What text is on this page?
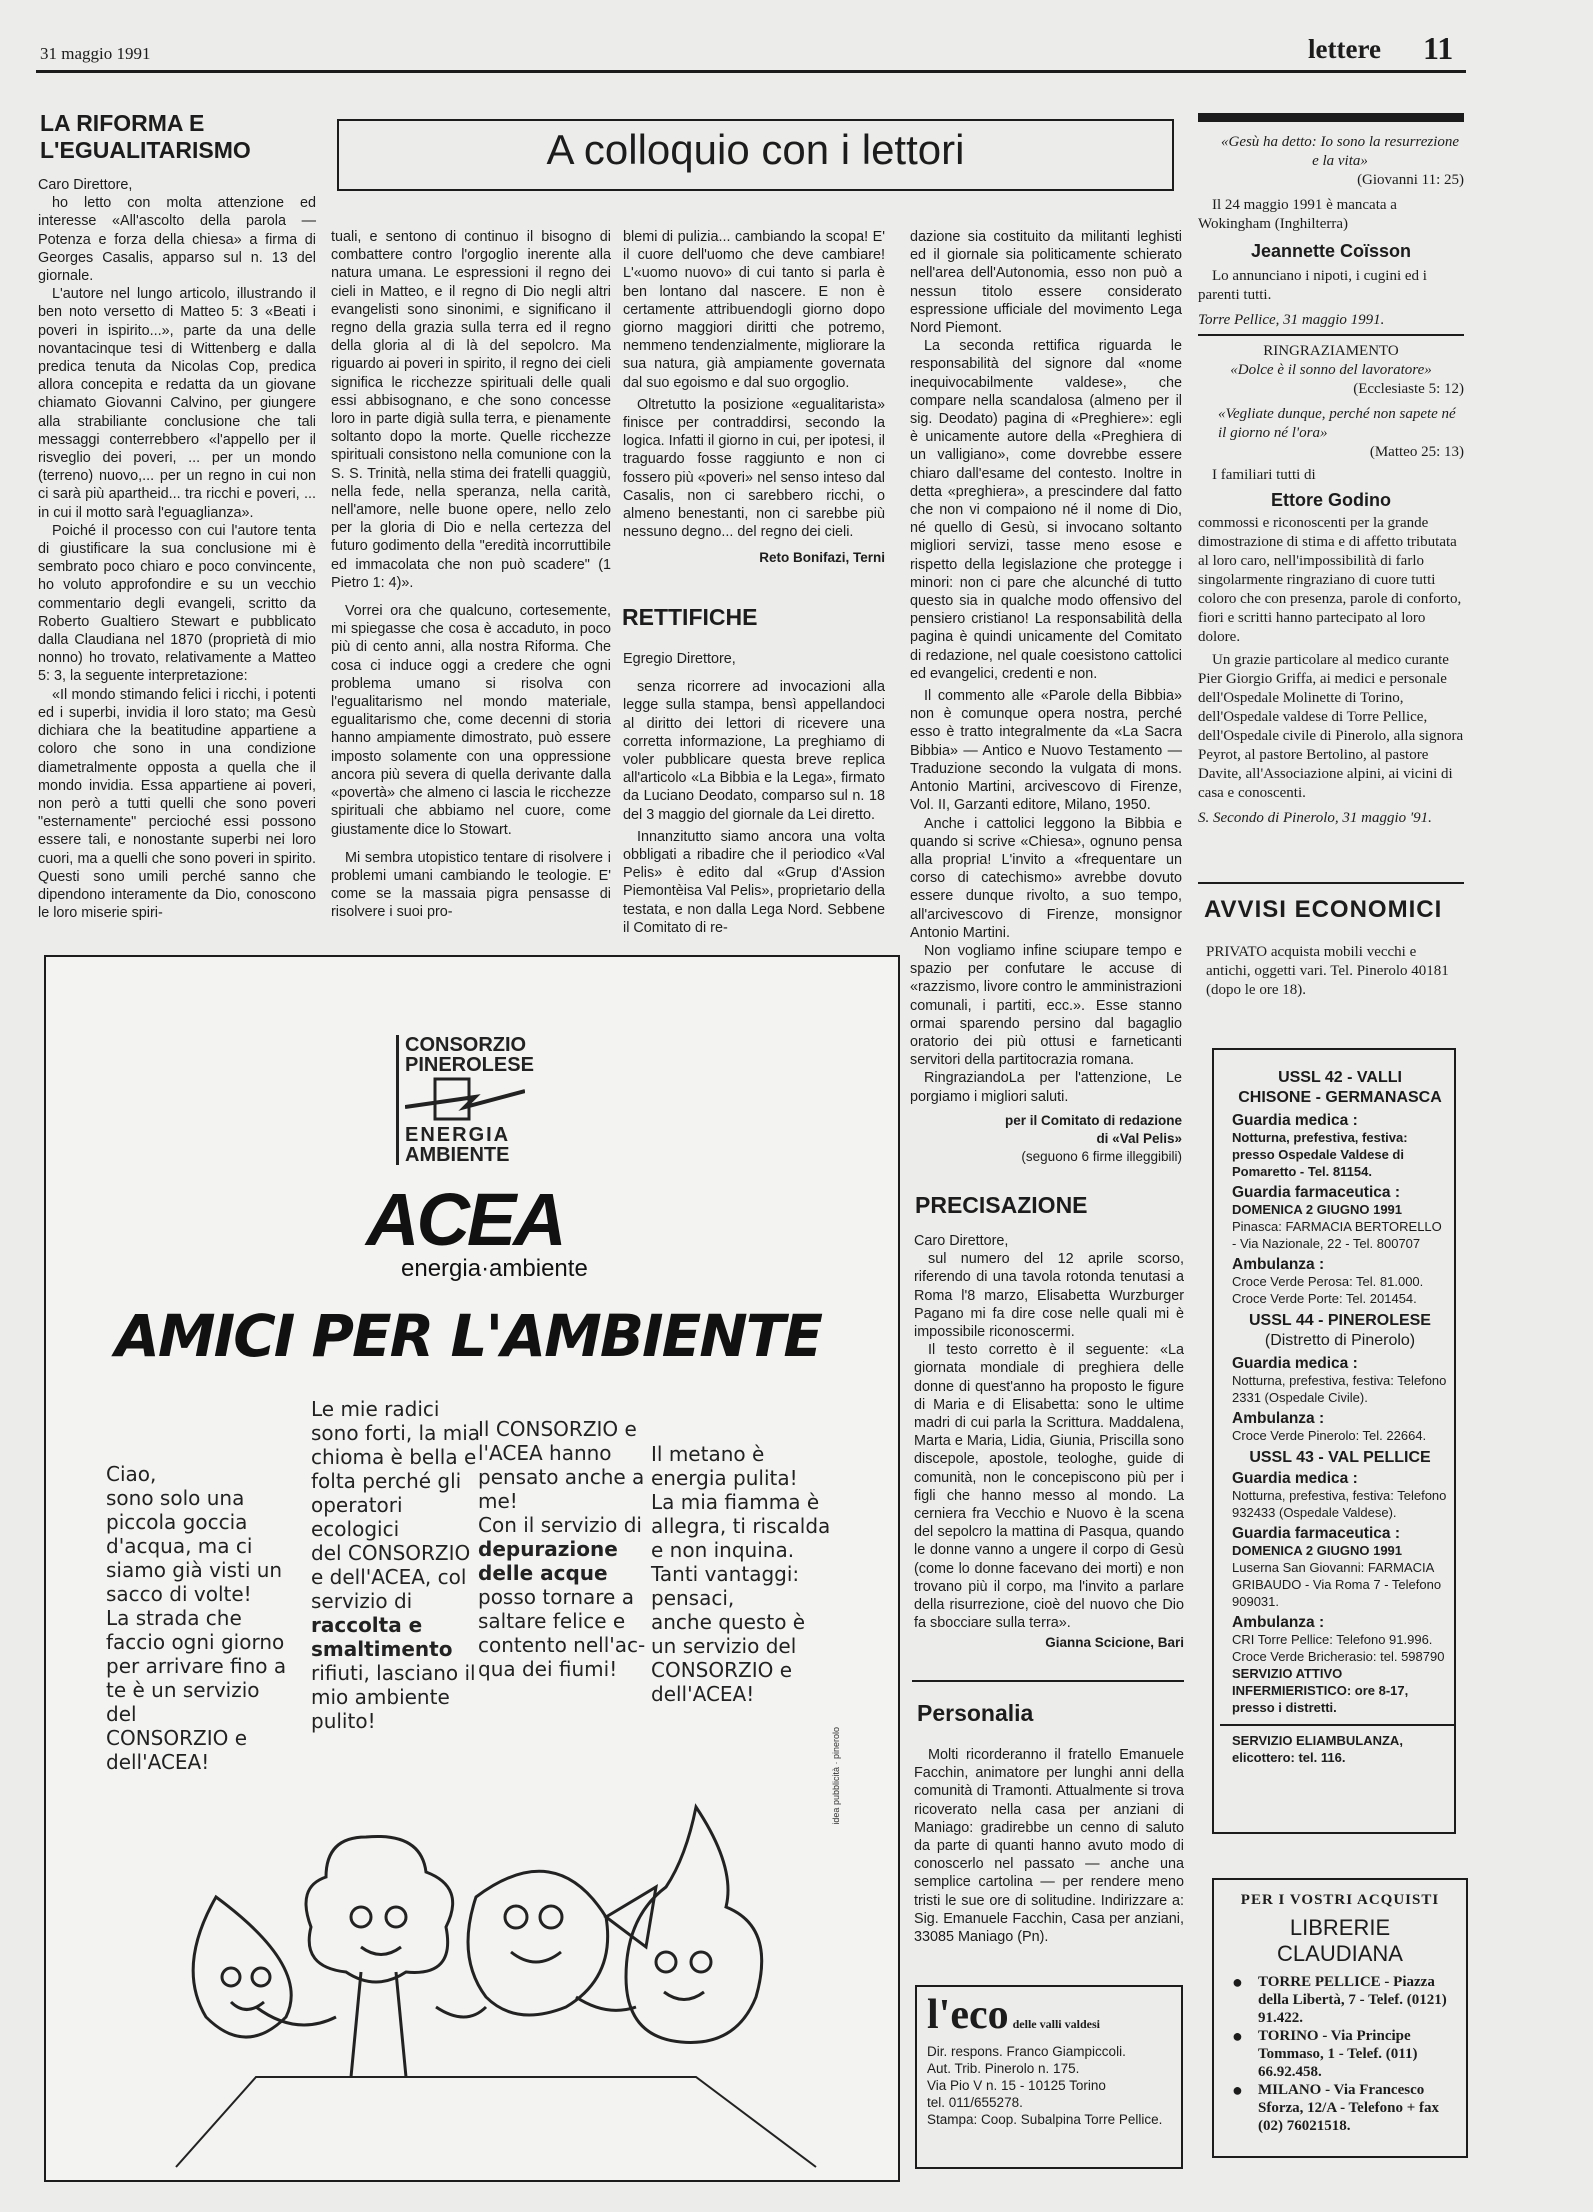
31 maggio 1991	lettere 11
A colloquio con i lettori
LA RIFORMA E
L'EGUALITARISMO

Caro Direttore,

ho letto con molta attenzione ed interesse «All'ascolto della parola — Potenza e forza della chiesa» a firma di Georges Casalis, apparso sul n. 13 del giornale.

L'autore nel lungo articolo, illustrando il ben noto versetto di Matteo 5: 3 «Beati i poveri in ispirito...», parte da una delle novantacinque tesi di Wittenberg e dalla predica tenuta da Nicolas Cop, predica allora concepita e redatta da un giovane chiamato Giovanni Calvino, per giungere alla strabiliante conclusione che tali messaggi conterrebbero «l'appello per il risveglio dei poveri, ... per un mondo (terreno) nuovo,... per un regno in cui non ci sarà più apartheid... tra ricchi e poveri, ... in cui il motto sarà l'eguaglianza».

Poiché il processo con cui l'autore tenta di giustificare la sua conclusione mi è sembrato poco chiaro e poco convincente, ho voluto approfondire e su un vecchio commentario degli evangeli, scritto da Roberto Gualtiero Stewart e pubblicato dalla Claudiana nel 1870 (proprietà di mio nonno) ho trovato, relativamente a Matteo 5: 3, la seguente interpretazione:

«Il mondo stimando felici i ricchi, i potenti ed i superbi, invidia il loro stato; ma Gesù dichiara che la beatitudine appartiene a coloro che sono in una condizione diametralmente opposta a quella che il mondo invidia. Essa appartiene ai poveri, non però a tutti quelli che sono poveri "esternamente" percioché essi possono essere tali, e nonostante superbi nei loro cuori, ma a quelli che sono poveri in spirito. Questi sono umili perché sanno che dipendono interamente da Dio, conoscono le loro miserie spiri-

tuali, e sentono di continuo il bisogno di combattere contro l'orgoglio inerente alla natura umana. Le espressioni il regno dei cieli in Matteo, e il regno di Dio negli altri evangelisti sono sinonimi, e significano il regno della grazia sulla terra ed il regno della gloria al di là del sepolcro. Ma riguardo ai poveri in spirito, il regno dei cieli significa le ricchezze spirituali delle quali essi abbisognano, e che sono concesse loro in parte digià sulla terra, e pienamente soltanto dopo la morte. Quelle ricchezze spirituali consistono nella comunione con la S. S. Trinità, nella stima dei fratelli quaggiù, nella fede, nella speranza, nella carità, nell'amore, nelle buone opere, nello zelo per la gloria di Dio e nella certezza del futuro godimento della "eredità incorruttibile ed immacolata che non può scadere" (1 Pietro 1: 4)».

Vorrei ora che qualcuno, cortesemente, mi spiegasse che cosa è accaduto, in poco più di cento anni, alla nostra Riforma. Che cosa ci induce oggi a credere che ogni problema umano si risolva con l'egualitarismo nel mondo materiale, egualitarismo che, come decenni di storia hanno ampiamente dimostrato, può essere imposto solamente con una oppressione ancora più severa di quella derivante dalla «povertà» che almeno ci lascia le ricchezze spirituali che abbiamo nel cuore, come giustamente dice lo Stowart.

Mi sembra utopistico tentare di risolvere i problemi umani cambiando le teologie. E' come se la massaia pigra pensasse di risolvere i suoi pro-

blemi di pulizia... cambiando la scopa! E' il cuore dell'uomo che deve cambiare! L'«uomo nuovo» di cui tanto si parla è ben lontano dal nascere. E non è certamente attribuendogli giorno dopo giorno maggiori diritti che potremo, nemmeno tendenzialmente, migliorare la sua natura, già ampiamente governata dal suo egoismo e dal suo orgoglio.

Oltretutto la posizione «egualitarista» finisce per contraddirsi, secondo la logica. Infatti il giorno in cui, per ipotesi, il traguardo fosse raggiunto e non ci fossero più «poveri» nel senso inteso dal Casalis, non ci sarebbero ricchi, o almeno benestanti, non ci sarebbe più nessuno degno... del regno dei cieli.

Reto Bonifazi, Terni
RETTIFICHE

Egregio Direttore,

senza ricorrere ad invocazioni alla legge sulla stampa, bensì appellandoci al diritto dei lettori di ricevere una corretta informazione, La preghiamo di voler pubblicare questa breve replica all'articolo «La Bibbia e la Lega», firmato da Luciano Deodato, comparso sul n. 18 del 3 maggio del giornale da Lei diretto.

Innanzitutto siamo ancora una volta obbligati a ribadire che il periodico «Val Pelis» è edito dal «Grup d'Assion Piemontèisa Val Pelis», proprietario della testata, e non dalla Lega Nord. Sebbene il Comitato di re-

dazione sia costituito da militanti leghisti ed il giornale sia politicamente schierato nell'area dell'Autonomia, esso non può a nessun titolo essere considerato espressione ufficiale del movimento Lega Nord Piemont.

La seconda rettifica riguarda le responsabilità del signore dal «nome inequivocabilmente valdese», che compare nella scandalosa (almeno per il sig. Deodato) pagina di «Preghiere»: egli è unicamente autore della «Preghiera di un valligiano», come dovrebbe essere chiaro dall'esame del contesto. Inoltre in detta «preghiera», a prescindere dal fatto che non vi compaiono né il nome di Dio, né quello di Gesù, si invocano soltanto migliori servizi, tasse meno esose e rispetto della legislazione che protegge i minori: non ci pare che alcunché di tutto questo sia in qualche modo offensivo del pensiero cristiano! La responsabilità della pagina è quindi unicamente del Comitato di redazione, nel quale coesistono cattolici ed evangelici, credenti e non.

Il commento alle «Parole della Bibbia» non è comunque opera nostra, perché esso è tratto integralmente da «La Sacra Bibbia» — Antico e Nuovo Testamento — Traduzione secondo la vulgata di mons. Antonio Martini, arcivescovo di Firenze, Vol. II, Garzanti editore, Milano, 1950.

Anche i cattolici leggono la Bibbia e quando si scrive «Chiesa», ognuno pensa alla propria! L'invito a «frequentare un corso di catechismo» avrebbe dovuto essere dunque rivolto, a suo tempo, all'arcivescovo di Firenze, monsignor Antonio Martini.

Non vogliamo infine sciupare tempo e spazio per confutare le accuse di «razzismo, livore contro le amministrazioni comunali, i partiti, ecc.». Esse stanno ormai sparendo persino dal bagaglio oratorio dei più ottusi e farneticanti servitori della partitocrazia romana.

RingraziandoLa per l'attenzione, Le porgiamo i migliori saluti.

per il Comitato di redazione
di «Val Pelis»
(seguono 6 firme illeggibili)
PRECISAZIONE

Caro Direttore,

sul numero del 12 aprile scorso, riferendo di una tavola rotonda tenutasi a Roma l'8 marzo, Elisabetta Wurzburger Pagano mi fa dire cose nelle quali mi è impossibile riconoscermi.

Il testo corretto è il seguente: «La giornata mondiale di preghiera delle donne di quest'anno ha proposto le figure di Maria e di Elisabetta: sono le ultime madri di cui parla la Scrittura. Maddalena, Marta e Maria, Lidia, Giunia, Priscilla sono discepole, apostole, teologhe, guide di comunità, non le concepiscono più per i figli che hanno messo al mondo. La cerniera fra Vecchio e Nuovo è la scena del sepolcro la mattina di Pasqua, quando le donne vanno a ungere il corpo di Gesù (come lo donne facevano dei morti) e non trovano più il corpo, ma l'invito a parlare della risurrezione, cioè del nuovo che Dio fa sbocciare sulla terra».

Gianna Scicione, Bari
Personalia

Molti ricorderanno il fratello Emanuele Facchin, animatore per lunghi anni della comunità di Tramonti. Attualmente si trova ricoverato nella casa per anziani di Maniago: gradirebbe un cenno di saluto da parte di quanti hanno avuto modo di conoscerlo nel passato — anche una semplice cartolina — per rendere meno tristi le sue ore di solitudine. Indirizzare a: Sig. Emanuele Facchin, Casa per anziani, 33085 Maniago (Pn).

l'eco delle valli valdesi
Dir. respons. Franco Giampiccoli.
Aut. Trib. Pinerolo n. 175.
Via Pio V n. 15 - 10125 Torino
tel. 011/655278.
Stampa: Coop. Subalpina Torre Pellice.
CONSORZIO
PINEROLESE
ENERGIA
AMBIENTE
ACEA
energia·ambiente
AMICI PER L'AMBIENTE

Ciao,

sono solo una

piccola goccia

d'acqua, ma ci

siamo già visti un

sacco di volte!

La strada che

faccio ogni giorno

per arrivare fino a

te è un servizio del

CONSORZIO e

dell'ACEA!

Le mie radici

sono forti, la mia

chioma è bella e

folta perché gli

operatori ecologici

del CONSORZIO

e dell'ACEA, col

servizio di

raccolta e

smaltimento

rifiuti, lasciano il

mio ambiente

pulito!

Il CONSORZIO e

l'ACEA hanno

pensato anche a

me!

Con il servizio di

depurazione

delle acque

posso tornare a

saltare felice e

contento nell'ac-

qua dei fiumi!

Il metano è

energia pulita!

La mia fiamma è

allegra, ti riscalda

e non inquina.

Tanti vantaggi:

pensaci,

anche questo è

un servizio del

CONSORZIO e

dell'ACEA!

idea pubblicità · pinerolo

«Gesù ha detto: Io sono la resurrezione e la vita»

(Giovanni 11: 25)

Il 24 maggio 1991 è mancata a Wokingham (Inghilterra)

Jeannette Coïsson

Lo annunciano i nipoti, i cugini ed i parenti tutti.

Torre Pellice, 31 maggio 1991.

RINGRAZIAMENTO

«Dolce è il sonno del lavoratore»

(Ecclesiaste 5: 12)

«Vegliate dunque, perché non sapete né il giorno né l'ora»

(Matteo 25: 13)

I familiari tutti di

Ettore Godino

commossi e riconoscenti per la grande dimostrazione di stima e di affetto tributata al loro caro, nell'impossibilità di farlo singolarmente ringraziano di cuore tutti coloro che con presenza, parole di conforto, fiori e scritti hanno partecipato al loro dolore.

Un grazie particolare al medico curante Pier Giorgio Griffa, ai medici e personale dell'Ospedale Molinette di Torino, dell'Ospedale valdese di Torre Pellice, dell'Ospedale civile di Pinerolo, alla signora Peyrot, al pastore Bertolino, al pastore Davite, all'Associazione alpini, ai vicini di casa e conoscenti.

S. Secondo di Pinerolo, 31 maggio '91.

AVVISI ECONOMICI
PRIVATO acquista mobili vecchi e antichi, oggetti vari. Tel. Pinerolo 40181 (dopo le ore 18).

USSL 42 - VALLI

CHISONE - GERMANASCA

Guardia medica :

Notturna, prefestiva, festiva: presso Ospedale Valdese di Pomaretto - Tel. 81154.

Guardia farmaceutica :

DOMENICA 2 GIUGNO 1991

Pinasca: FARMACIA BERTORELLO - Via Nazionale, 22 - Tel. 800707

Ambulanza :

Croce Verde Perosa: Tel. 81.000.

Croce Verde Porte: Tel. 201454.

USSL 44 - PINEROLESE

(Distretto di Pinerolo)

Guardia medica :

Notturna, prefestiva, festiva: Telefono 2331 (Ospedale Civile).

Ambulanza :

Croce Verde Pinerolo: Tel. 22664.

USSL 43 - VAL PELLICE

Guardia medica :

Notturna, prefestiva, festiva: Telefono 932433 (Ospedale Valdese).

Guardia farmaceutica :

DOMENICA 2 GIUGNO 1991

Luserna San Giovanni: FARMACIA GRIBAUDO - Via Roma 7 - Telefono 909031.

Ambulanza :

CRI Torre Pellice: Telefono 91.996.

Croce Verde Bricherasio: tel. 598790

SERVIZIO ATTIVO INFERMIERISTICO: ore 8-17, presso i distretti.

SERVIZIO ELIAMBULANZA, elicottero: tel. 116.

PER I VOSTRI ACQUISTI
LIBRERIE
CLAUDIANA
●	TORRE PELLICE - Piazza della Libertà, 7 - Telef. (0121) 91.422.
●	TORINO - Via Principe Tommaso, 1 - Telef. (011) 66.92.458.
●	MILANO - Via Francesco Sforza, 12/A - Telefono + fax (02) 76021518.
